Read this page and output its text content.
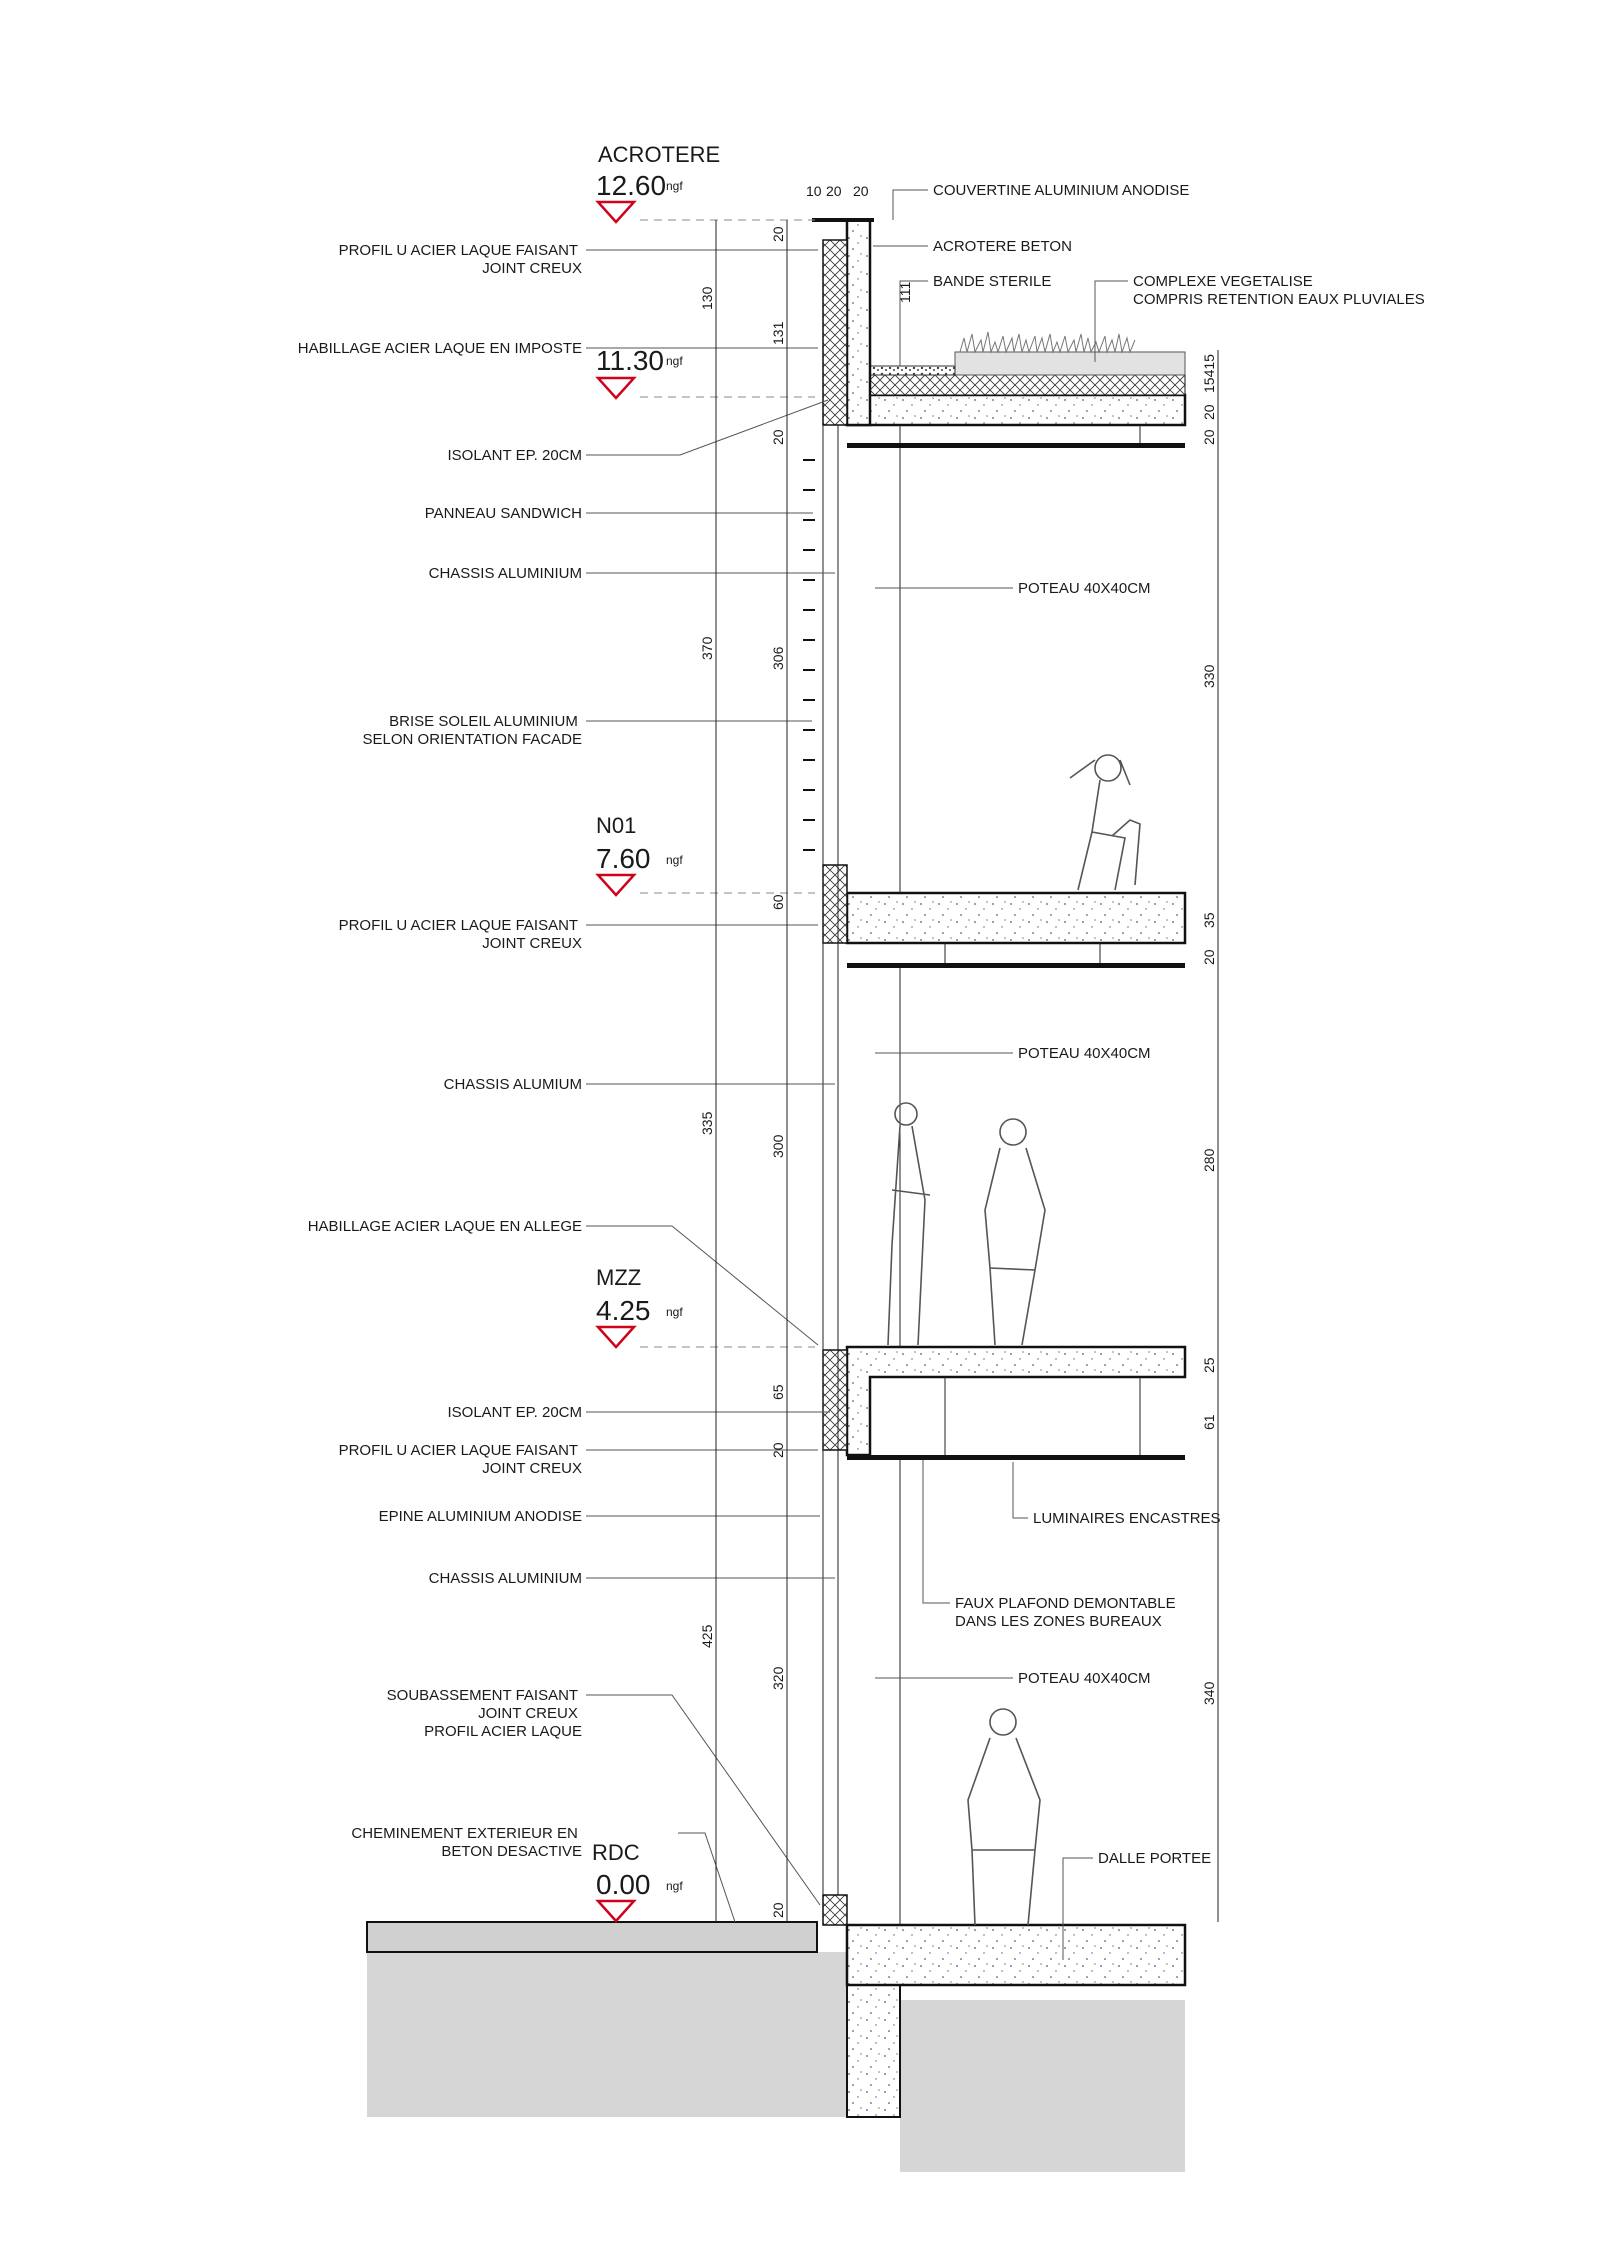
ACROTERE
12.60 ngf
11.30 ngf
N01
7.60 ngf
MZZ
4.25 ngf
RDC
0.00 ngf
PROFIL U ACIER LAQUE FAISANT JOINT CREUX
HABILLAGE ACIER LAQUE EN IMPOSTE
ISOLANT EP. 20CM
PANNEAU SANDWICH
CHASSIS ALUMINIUM
BRISE SOLEIL ALUMINIUM SELON ORIENTATION FACADE
PROFIL U ACIER LAQUE FAISANT JOINT CREUX
CHASSIS ALUMIUM
HABILLAGE ACIER LAQUE EN ALLEGE
ISOLANT EP. 20CM
PROFIL U ACIER LAQUE FAISANT JOINT CREUX
EPINE ALUMINIUM ANODISE
CHASSIS ALUMINIUM
SOUBASSEMENT FAISANT JOINT CREUX PROFIL ACIER LAQUE
CHEMINEMENT EXTERIEUR EN BETON DESACTIVE
COUVERTINE ALUMINIUM ANODISE
ACROTERE BETON
BANDE STERILE	COMPLEXE VEGETALISE COMPRIS RETENTION EAUX PLUVIALES
POTEAU 40X40CM
POTEAU 40X40CM
LUMINAIRES ENCASTRES
FAUX PLAFOND DEMONTABLE DANS LES ZONES BUREAUX
POTEAU 40X40CM
DALLE PORTEE
10 20 20
130
370
335
425
20
111
131
20
306
60
300
65
20
320
20
15415
20
20
330
35
20
280
25
61
340
